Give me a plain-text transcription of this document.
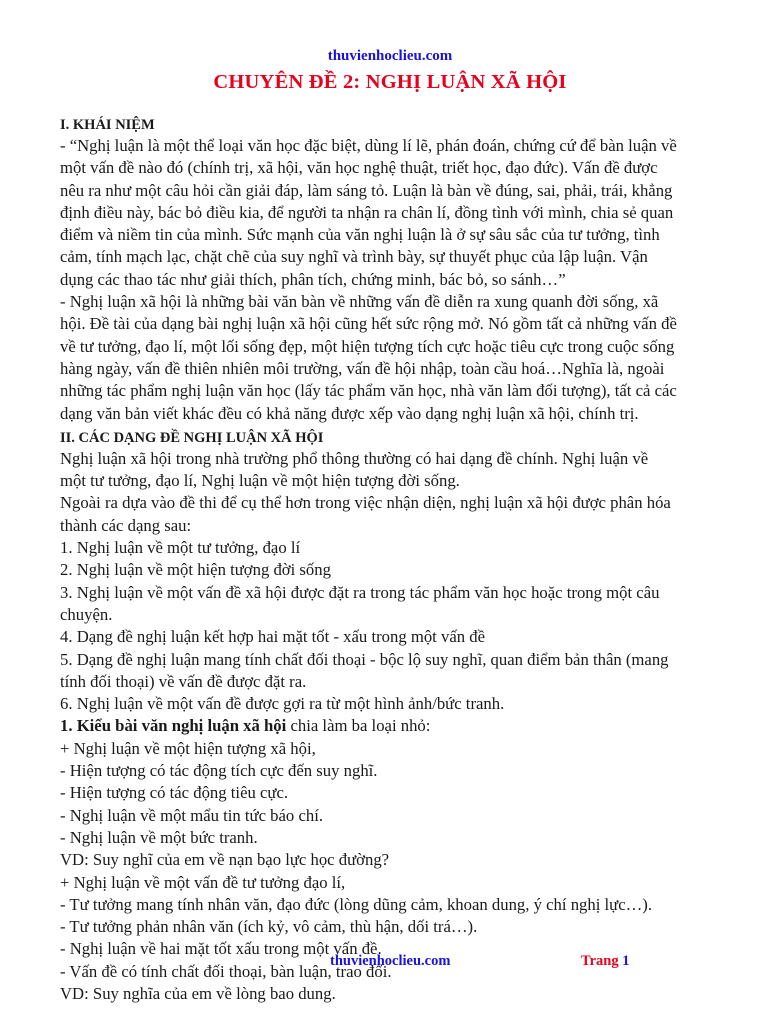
thuvienhoclieu.com
CHUYÊN ĐỀ 2: NGHỊ LUẬN XÃ HỘI
I. KHÁI NIỆM
- “Nghị luận là một thể loại văn học đặc biệt, dùng lí lẽ, phán đoán, chứng cứ để bàn luận về
một vấn đề nào đó (chính trị, xã hội, văn học nghệ thuật, triết học, đạo đức). Vấn đề được
nêu ra như một câu hỏi cần giải đáp, làm sáng tỏ. Luận là bàn về đúng, sai, phải, trái, khẳng
định điều này, bác bỏ điều kia, để người ta nhận ra chân lí, đồng tình với mình, chia sẻ quan
điểm và niềm tin của mình. Sức mạnh của văn nghị luận là ở sự sâu sắc của tư tưởng, tình
cảm, tính mạch lạc, chặt chẽ của suy nghĩ và trình bày, sự thuyết phục của lập luận. Vận
dụng các thao tác như giải thích, phân tích, chứng minh, bác bỏ, so sánh…”
- Nghị luận xã hội là những bài văn bàn về những vấn đề diễn ra xung quanh đời sống, xã
hội. Đề tài của dạng bài nghị luận xã hội cũng hết sức rộng mở. Nó gồm tất cả những vấn đề
về tư tưởng, đạo lí, một lối sống đẹp, một hiện tượng tích cực hoặc tiêu cực trong cuộc sống
hàng ngày, vấn đề thiên nhiên môi trường, vấn đề hội nhập, toàn cầu hoá…Nghĩa là, ngoài
những tác phẩm nghị luận văn học (lấy tác phẩm văn học, nhà văn làm đối tượng), tất cả các
dạng văn bản viết khác đều có khả năng được xếp vào dạng nghị luận xã hội, chính trị.
II. CÁC DẠNG ĐỀ NGHỊ LUẬN XÃ HỘI
Nghị luận xã hội trong nhà trường phổ thông thường có hai dạng đề chính. Nghị luận về
một tư tưởng, đạo lí, Nghị luận về một hiện tượng đời sống.
Ngoài ra dựa vào đề thi để cụ thể hơn trong việc nhận diện, nghị luận xã hội được phân hóa
thành các dạng sau:
1. Nghị luận về một tư tưởng, đạo lí
2. Nghị luận về một hiện tượng đời sống
3. Nghị luận về một vấn đề xã hội được đặt ra trong tác phẩm văn học hoặc trong một câu
chuyện.
4. Dạng đề nghị luận kết hợp hai mặt tốt - xấu trong một vấn đề
5. Dạng đề nghị luận mang tính chất đối thoại - bộc lộ suy nghĩ, quan điểm bản thân (mang
tính đối thoại) về vấn đề được đặt ra.
6. Nghị luận về một vấn đề được gợi ra từ một hình ảnh/bức tranh.
1. Kiểu bài văn nghị luận xã hội chia làm ba loại nhỏ:
+ Nghị luận về một hiện tượng xã hội,
- Hiện tượng có tác động tích cực đến suy nghĩ.
- Hiện tượng có tác động tiêu cực.
- Nghị luận về một mẩu tin tức báo chí.
- Nghị luận về một bức tranh.
VD: Suy nghĩ của em về nạn bạo lực học đường?
+ Nghị luận về một vấn đề tư tưởng đạo lí,
- Tư tưởng mang tính nhân văn, đạo đức (lòng dũng cảm, khoan dung, ý chí nghị lực…).
- Tư tưởng phản nhân văn (ích kỷ, vô cảm, thù hận, dối trá…).
- Nghị luận về hai mặt tốt xấu trong một vấn đề.
- Vấn đề có tính chất đối thoại, bàn luận, trao đổi.
VD: Suy nghĩa của em về lòng bao dung.
thuvienhoclieu.com	Trang 1
